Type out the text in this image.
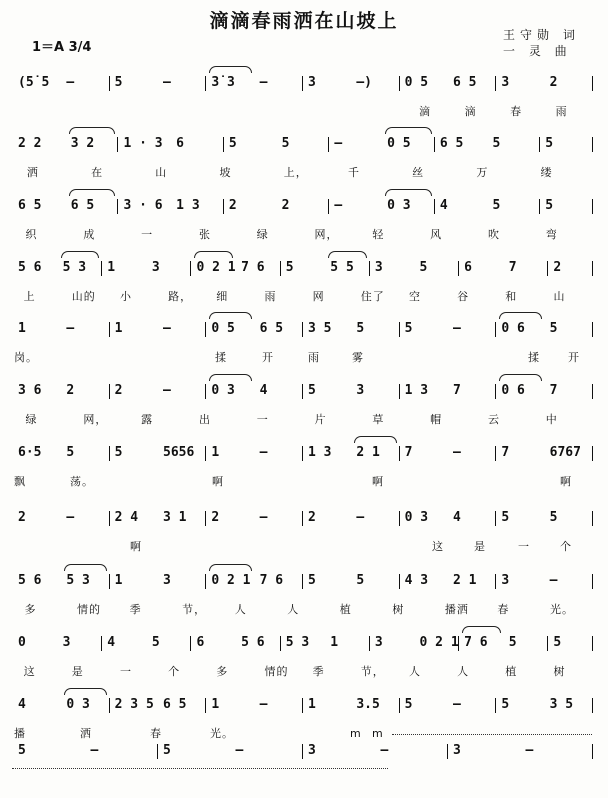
滴滴春雨洒在山坡上
王守勋 词
一 灵 曲
1＝A 3/4
(5̇ 5 —	5	—	3̇ 3 —	3	—)	0 5 6 5 3	2
滴	滴	春	雨
2 2 3 2 1 · 3 6	5	5	—	0 5 6 5 5	5
洒	在	山	坡	上，	千	丝	万	缕
6 5 6 5 3 · 6 1 3 2	2	—	0 3 4	5	5
织	成	一	张	绿	网，	轻	风	吹	弯
5 6 5 3 1	3	0 2 1 7 6 5	5 5 3	5	6	7	2
上	山的 小	路， 细	雨	网	住了 空	谷	和	山
1	—	1	—	0 5 6 5 3 5 5	5	—	0 6 5
岗。	揉	开	雨	雾	揉	开
3 6 2	2	—	0 3 4	5	3	1 3 7	0 6 7
绿	网，	露	出	一	片	草	帽	云	中
6·5 5	5	5656 1	—	1 3 2 1 7	—	7	6767
飘	荡。	啊	啊	啊
2	—	2 4 3 1 2	—	2	—	0 3 4	5	5
啊	这	是	一	个
5 6 5 3 1	3	0 2 1 7 6 5	5	4 3 2 1 3	—
多	情的	季	节，	人	人	植	树	播洒	春	光。
0	3	4	5	6	5 6 5 3 1	3	0 2 1 7 6 5	5
这	是	一	个	多	情的 季	节， 人	人	植	树
4	0 3 2 3 5 6 5 1	—	1	3.5 5	—	5	3 5
播	洒	春	光。	m m
5	—	5	—	3	—	3	—
